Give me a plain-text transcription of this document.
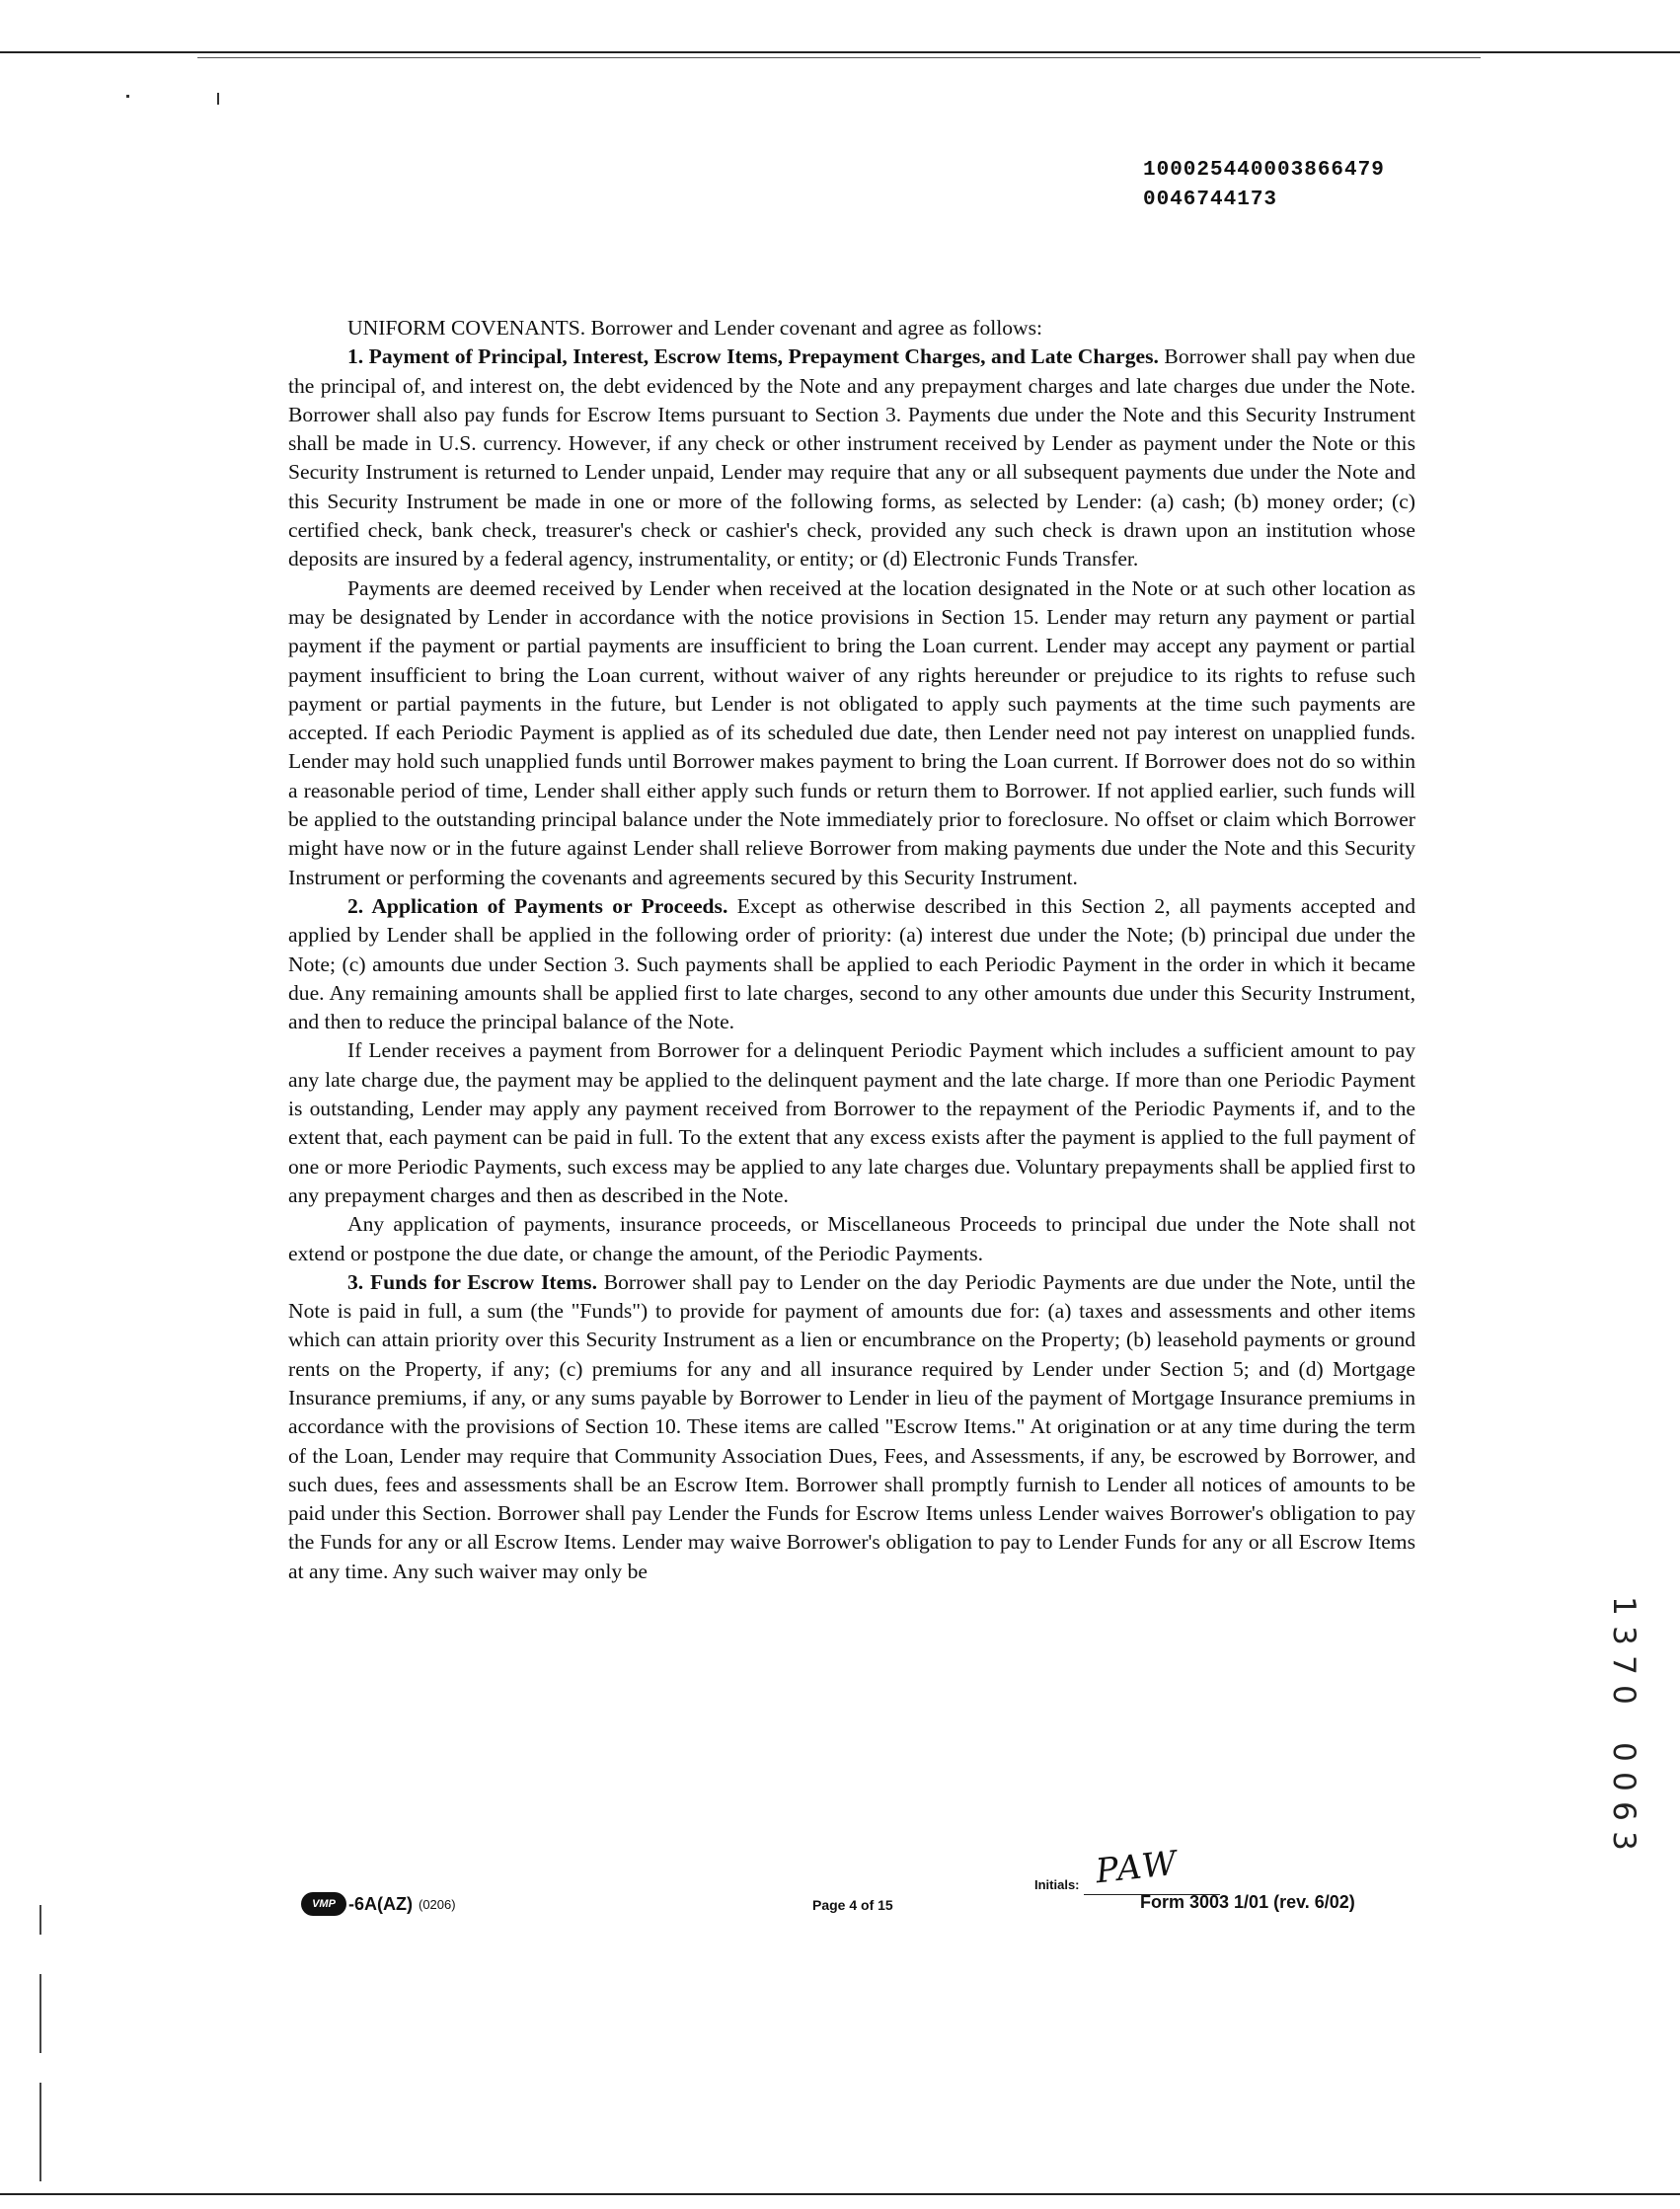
100025440003866479
0046744173

UNIFORM COVENANTS. Borrower and Lender covenant and agree as follows:

1. Payment of Principal, Interest, Escrow Items, Prepayment Charges, and Late Charges. Borrower shall pay when due the principal of, and interest on, the debt evidenced by the Note and any prepayment charges and late charges due under the Note. Borrower shall also pay funds for Escrow Items pursuant to Section 3. Payments due under the Note and this Security Instrument shall be made in U.S. currency. However, if any check or other instrument received by Lender as payment under the Note or this Security Instrument is returned to Lender unpaid, Lender may require that any or all subsequent payments due under the Note and this Security Instrument be made in one or more of the following forms, as selected by Lender: (a) cash; (b) money order; (c) certified check, bank check, treasurer's check or cashier's check, provided any such check is drawn upon an institution whose deposits are insured by a federal agency, instrumentality, or entity; or (d) Electronic Funds Transfer.

Payments are deemed received by Lender when received at the location designated in the Note or at such other location as may be designated by Lender in accordance with the notice provisions in Section 15. Lender may return any payment or partial payment if the payment or partial payments are insufficient to bring the Loan current. Lender may accept any payment or partial payment insufficient to bring the Loan current, without waiver of any rights hereunder or prejudice to its rights to refuse such payment or partial payments in the future, but Lender is not obligated to apply such payments at the time such payments are accepted. If each Periodic Payment is applied as of its scheduled due date, then Lender need not pay interest on unapplied funds. Lender may hold such unapplied funds until Borrower makes payment to bring the Loan current. If Borrower does not do so within a reasonable period of time, Lender shall either apply such funds or return them to Borrower. If not applied earlier, such funds will be applied to the outstanding principal balance under the Note immediately prior to foreclosure. No offset or claim which Borrower might have now or in the future against Lender shall relieve Borrower from making payments due under the Note and this Security Instrument or performing the covenants and agreements secured by this Security Instrument.

2. Application of Payments or Proceeds. Except as otherwise described in this Section 2, all payments accepted and applied by Lender shall be applied in the following order of priority: (a) interest due under the Note; (b) principal due under the Note; (c) amounts due under Section 3. Such payments shall be applied to each Periodic Payment in the order in which it became due. Any remaining amounts shall be applied first to late charges, second to any other amounts due under this Security Instrument, and then to reduce the principal balance of the Note.

If Lender receives a payment from Borrower for a delinquent Periodic Payment which includes a sufficient amount to pay any late charge due, the payment may be applied to the delinquent payment and the late charge. If more than one Periodic Payment is outstanding, Lender may apply any payment received from Borrower to the repayment of the Periodic Payments if, and to the extent that, each payment can be paid in full. To the extent that any excess exists after the payment is applied to the full payment of one or more Periodic Payments, such excess may be applied to any late charges due. Voluntary prepayments shall be applied first to any prepayment charges and then as described in the Note.

Any application of payments, insurance proceeds, or Miscellaneous Proceeds to principal due under the Note shall not extend or postpone the due date, or change the amount, of the Periodic Payments.

3. Funds for Escrow Items. Borrower shall pay to Lender on the day Periodic Payments are due under the Note, until the Note is paid in full, a sum (the "Funds") to provide for payment of amounts due for: (a) taxes and assessments and other items which can attain priority over this Security Instrument as a lien or encumbrance on the Property; (b) leasehold payments or ground rents on the Property, if any; (c) premiums for any and all insurance required by Lender under Section 5; and (d) Mortgage Insurance premiums, if any, or any sums payable by Borrower to Lender in lieu of the payment of Mortgage Insurance premiums in accordance with the provisions of Section 10. These items are called "Escrow Items." At origination or at any time during the term of the Loan, Lender may require that Community Association Dues, Fees, and Assessments, if any, be escrowed by Borrower, and such dues, fees and assessments shall be an Escrow Item. Borrower shall promptly furnish to Lender all notices of amounts to be paid under this Section. Borrower shall pay Lender the Funds for Escrow Items unless Lender waives Borrower's obligation to pay the Funds for any or all Escrow Items. Lender may waive Borrower's obligation to pay to Lender Funds for any or all Escrow Items at any time. Any such waiver may only be

VMP -6A(AZ) (0206)	Page 4 of 15
Initials: PAW
Form 3003 1/01 (rev. 6/02)
1
3
7
0
0
0
6
3
